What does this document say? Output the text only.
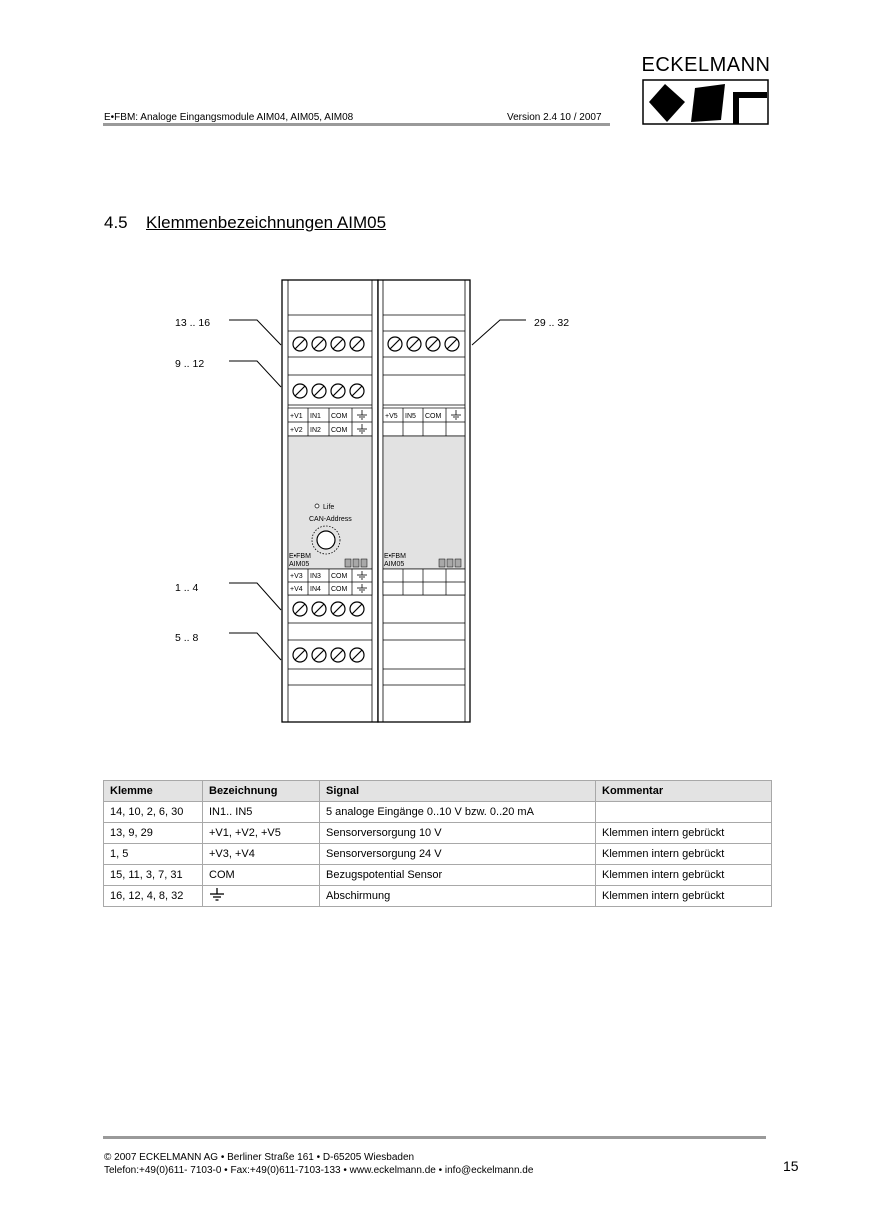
E•FBM: Analoge Eingangsmodule AIM04, AIM05, AIM08	Version 2.4 10 / 2007
ECKELMANN
4.5 Klemmenbezeichnungen AIM05
13 .. 16
9 .. 12
1 .. 4
5 .. 8
29 .. 32
+V1 IN1 COM
+V2 IN2 COM
Life
CAN-Address
E•FBM
AIM05
+V3 IN3 COM
+V4 IN4 COM
+V5 IN5 COM
E•FBM
AIM05
Klemme	Bezeichnung	Signal	Kommentar
14, 10, 2, 6, 30	IN1.. IN5	5 analoge Eingänge 0..10 V bzw. 0..20 mA	
13, 9, 29	+V1, +V2, +V5	Sensorversorgung 10 V	Klemmen intern gebrückt
1, 5	+V3, +V4	Sensorversorgung 24 V	Klemmen intern gebrückt
15, 11, 3, 7, 31	COM	Bezugspotential Sensor	Klemmen intern gebrückt
16, 12, 4, 8, 32		Abschirmung	Klemmen intern gebrückt
© 2007 ECKELMANN AG • Berliner Straße 161 • D-65205 Wiesbaden
Telefon:+49(0)611- 7103-0 • Fax:+49(0)611-7103-133 • www.eckelmann.de • info@eckelmann.de	15
